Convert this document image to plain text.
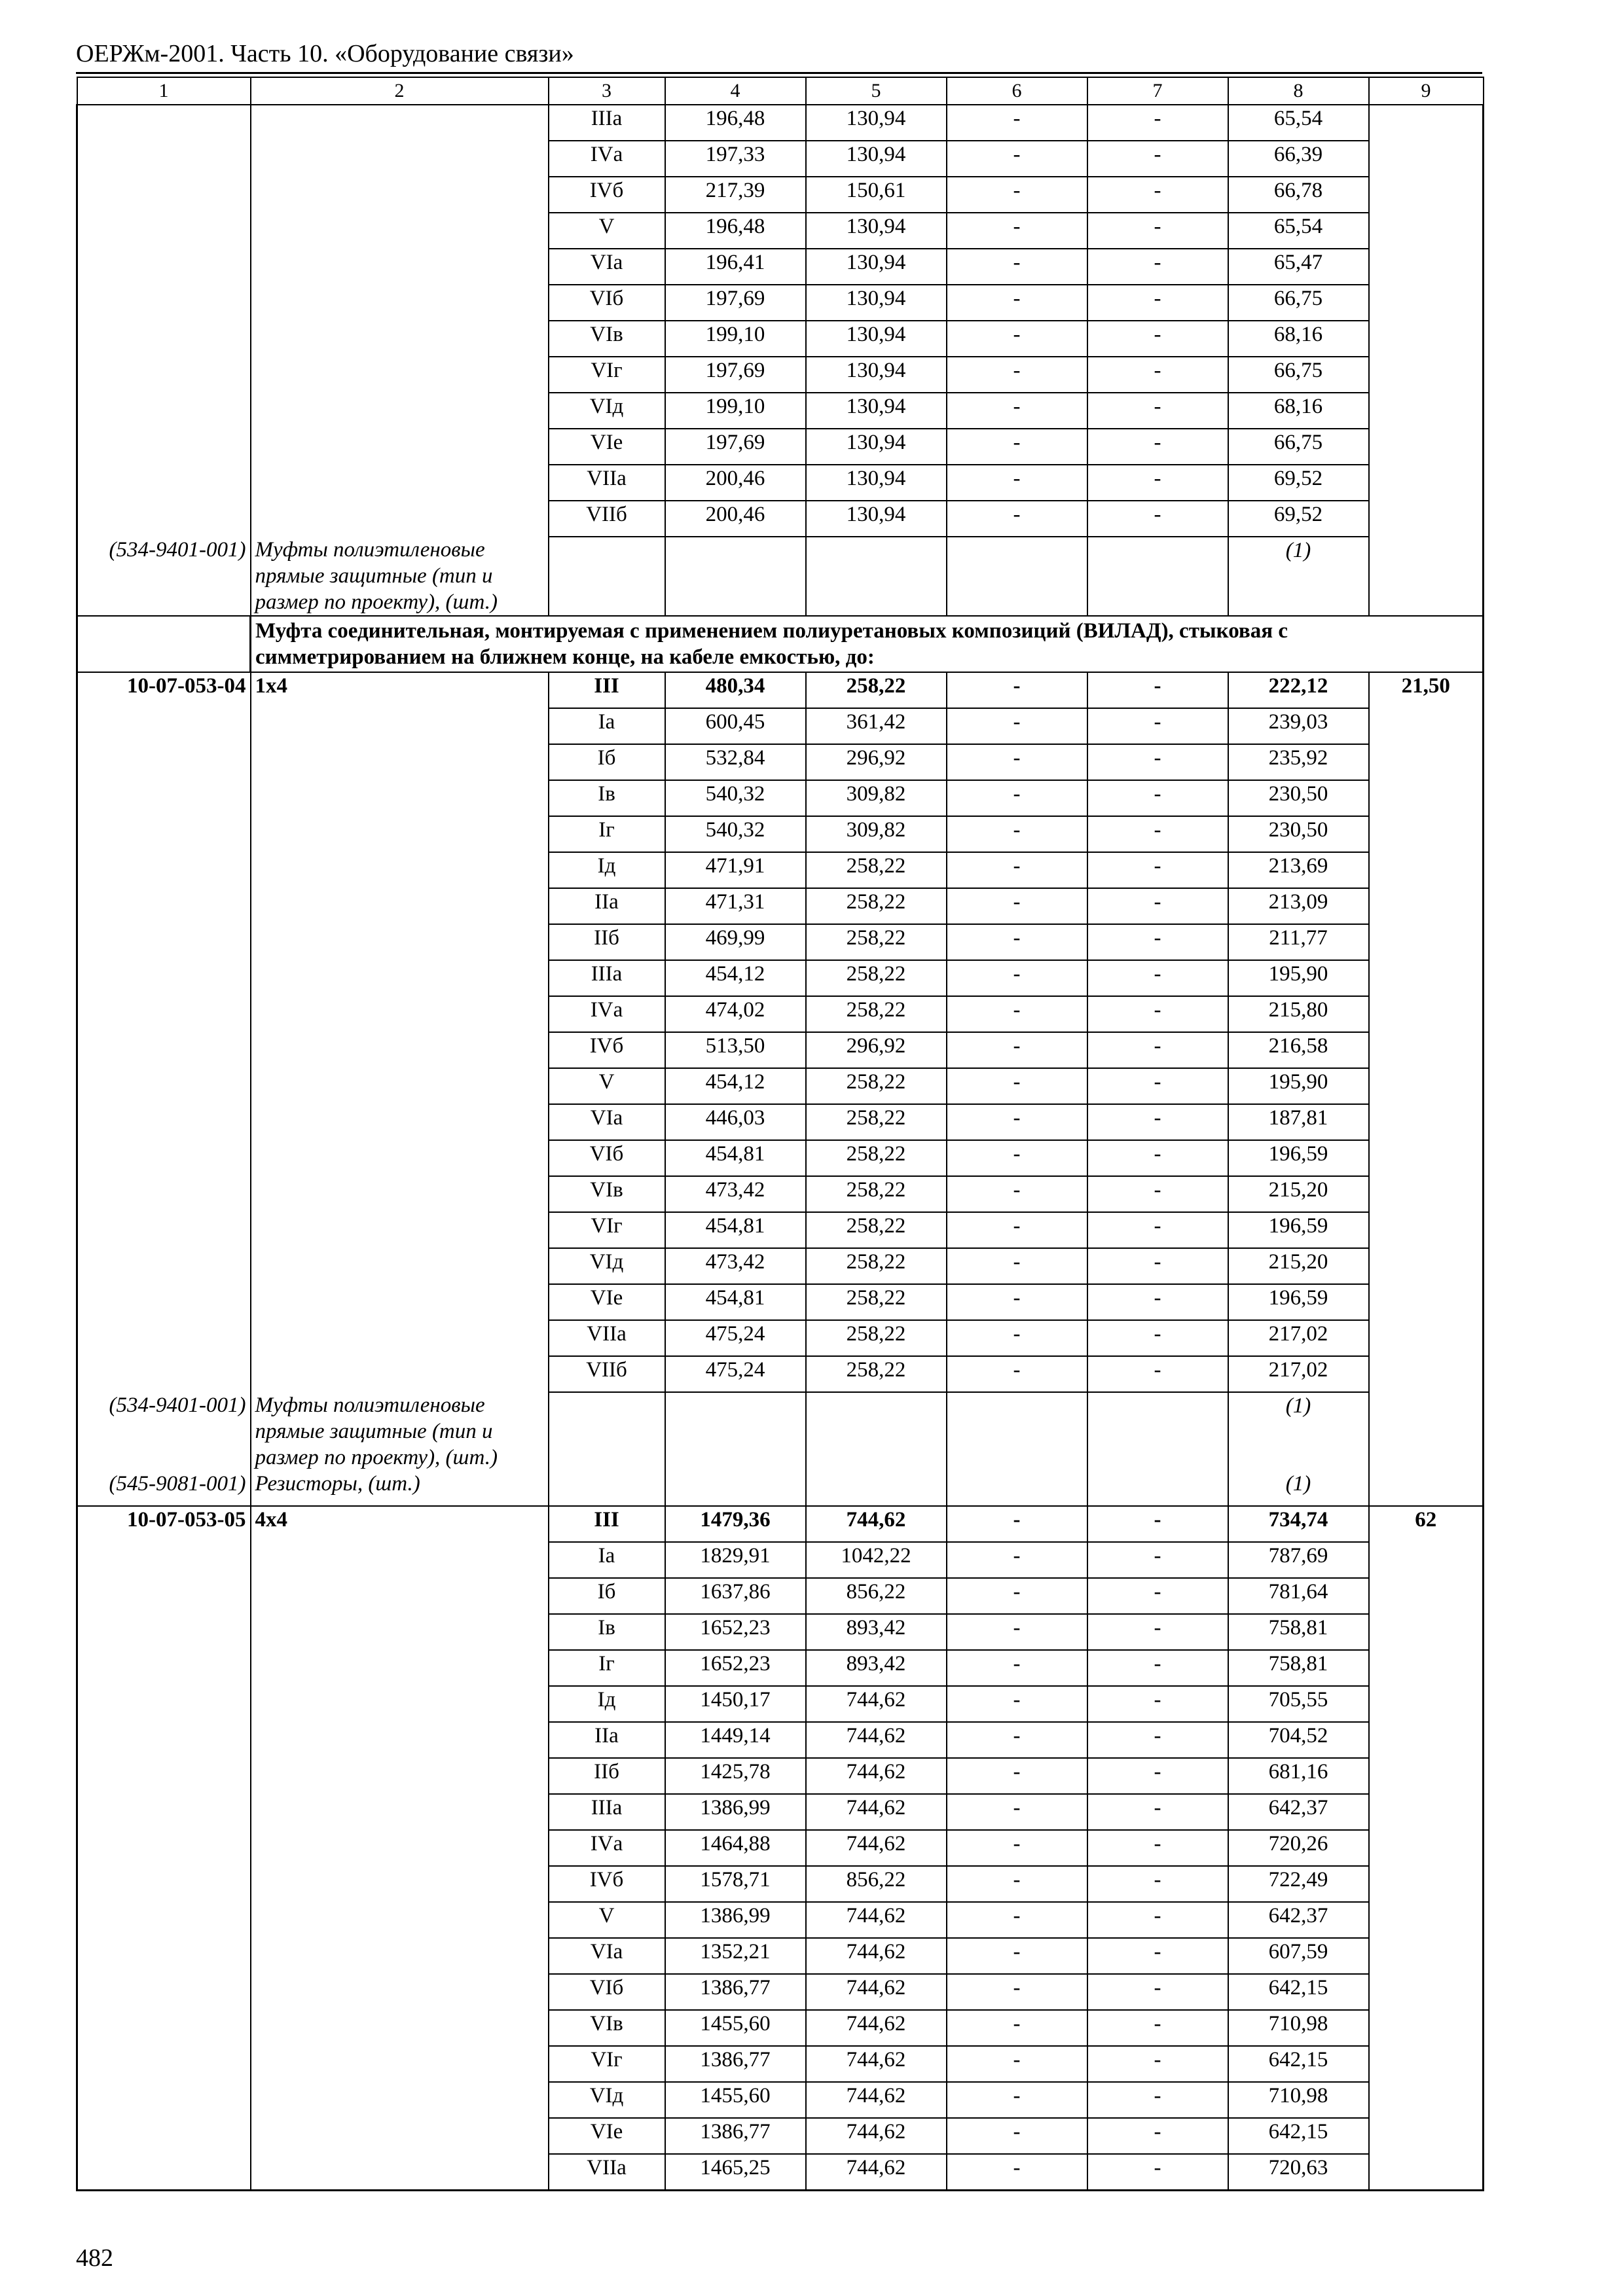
ОЕРЖм-2001. Часть 10. «Оборудование связи»
1	2	3	4	5	6	7	8	9
		IIIа	196,48	130,94	-	-	65,54	
		IVа	197,33	130,94	-	-	66,39	
		IVб	217,39	150,61	-	-	66,78	
		V	196,48	130,94	-	-	65,54	
		VIа	196,41	130,94	-	-	65,47	
		VIб	197,69	130,94	-	-	66,75	
		VIв	199,10	130,94	-	-	68,16	
		VIг	197,69	130,94	-	-	66,75	
		VIд	199,10	130,94	-	-	68,16	
		VIе	197,69	130,94	-	-	66,75	
		VIIа	200,46	130,94	-	-	69,52	
		VIIб	200,46	130,94	-	-	69,52	
(534-9401-001)	Муфты полиэтиленовые прямые защитные (тип и размер по проекту), (шт.)						(1)	
	Муфта соединительная, монтируемая с применением полиуретановых композиций (ВИЛАД), стыковая с симметрированием на ближнем конце, на кабеле емкостью, до:							
10-07-053-04	1х4	III	480,34	258,22	-	-	222,12	21,50
		Iа	600,45	361,42	-	-	239,03	
		Iб	532,84	296,92	-	-	235,92	
		Iв	540,32	309,82	-	-	230,50	
		Iг	540,32	309,82	-	-	230,50	
		Iд	471,91	258,22	-	-	213,69	
		IIа	471,31	258,22	-	-	213,09	
		IIб	469,99	258,22	-	-	211,77	
		IIIа	454,12	258,22	-	-	195,90	
		IVа	474,02	258,22	-	-	215,80	
		IVб	513,50	296,92	-	-	216,58	
		V	454,12	258,22	-	-	195,90	
		VIа	446,03	258,22	-	-	187,81	
		VIб	454,81	258,22	-	-	196,59	
		VIв	473,42	258,22	-	-	215,20	
		VIг	454,81	258,22	-	-	196,59	
		VIд	473,42	258,22	-	-	215,20	
		VIе	454,81	258,22	-	-	196,59	
		VIIа	475,24	258,22	-	-	217,02	
		VIIб	475,24	258,22	-	-	217,02	
(534-9401-001)	Муфты полиэтиленовые прямые защитные (тип и размер по проекту), (шт.)						(1)	
(545-9081-001)	Резисторы, (шт.)						(1)	
10-07-053-05	4х4	III	1479,36	744,62	-	-	734,74	62
		Iа	1829,91	1042,22	-	-	787,69	
		Iб	1637,86	856,22	-	-	781,64	
		Iв	1652,23	893,42	-	-	758,81	
		Iг	1652,23	893,42	-	-	758,81	
		Iд	1450,17	744,62	-	-	705,55	
		IIа	1449,14	744,62	-	-	704,52	
		IIб	1425,78	744,62	-	-	681,16	
		IIIа	1386,99	744,62	-	-	642,37	
		IVа	1464,88	744,62	-	-	720,26	
		IVб	1578,71	856,22	-	-	722,49	
		V	1386,99	744,62	-	-	642,37	
		VIа	1352,21	744,62	-	-	607,59	
		VIб	1386,77	744,62	-	-	642,15	
		VIв	1455,60	744,62	-	-	710,98	
		VIг	1386,77	744,62	-	-	642,15	
		VIд	1455,60	744,62	-	-	710,98	
		VIе	1386,77	744,62	-	-	642,15	
		VIIа	1465,25	744,62	-	-	720,63	
482
